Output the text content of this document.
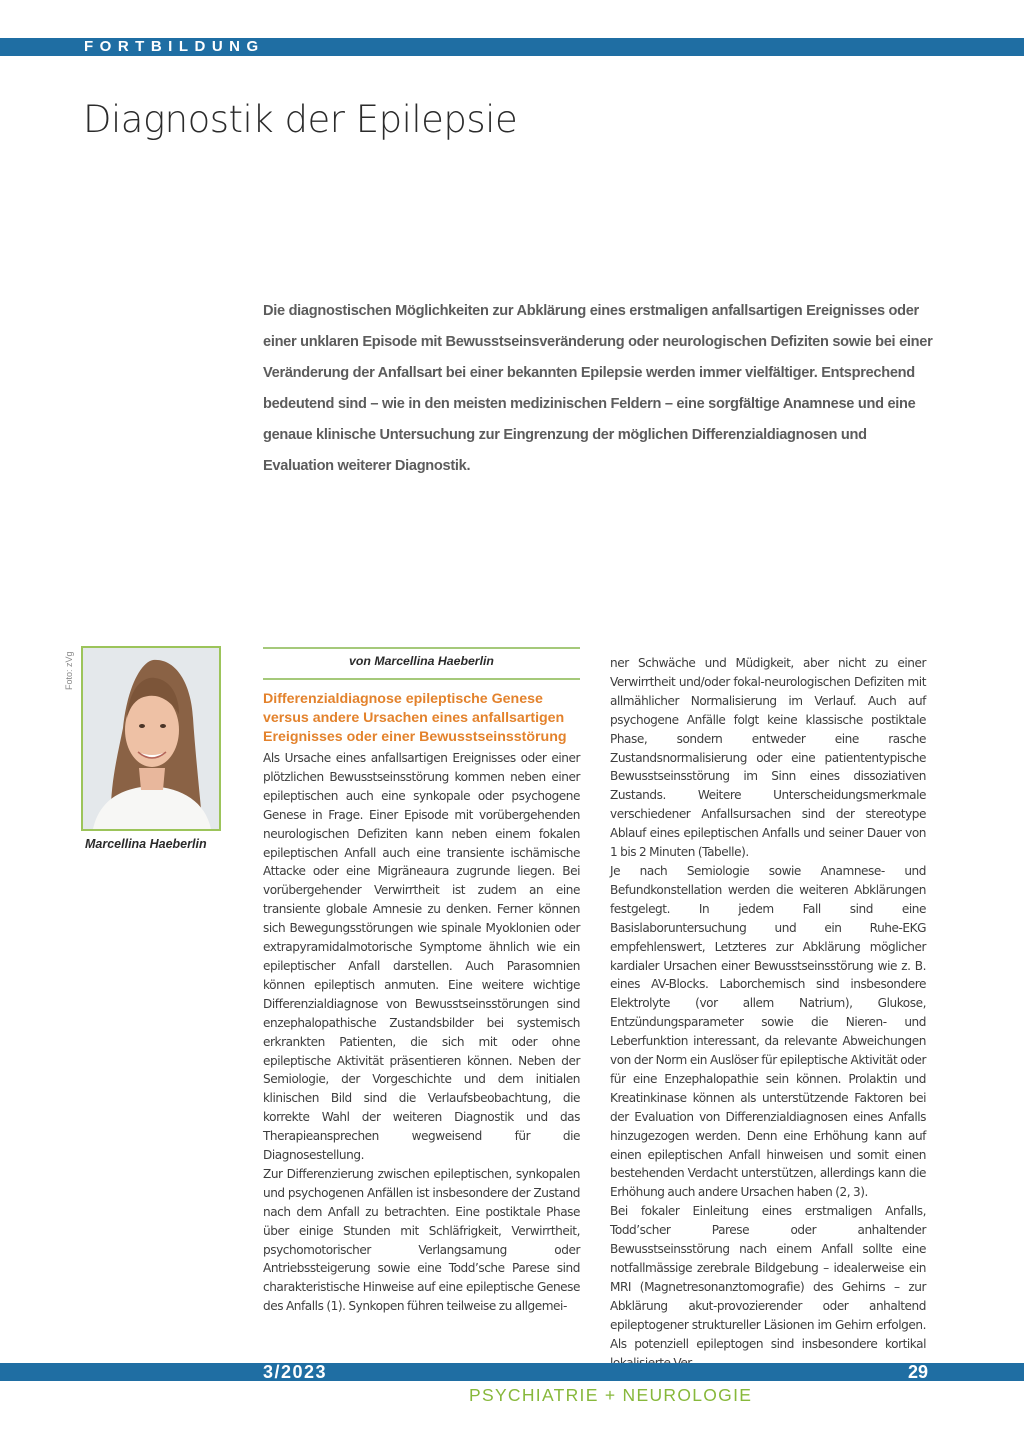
FORTBILDUNG
Diagnostik der Epilepsie

Die diagnostischen Möglichkeiten zur Abklärung eines erstmaligen anfallsartigen Ereignisses oder einer unklaren Episode mit Bewusstseinsveränderung oder neurologischen Defiziten sowie bei einer Veränderung der Anfallsart bei einer bekannten Epilepsie werden immer vielfältiger. Entsprechend bedeutend sind – wie in den meisten medizinischen Feldern – eine sorgfältige Anamnese und eine genaue klinische Untersuchung zur Eingrenzung der möglichen Differenzialdiagnosen und Evaluation weiterer Diagnostik.

Foto: zVg
Marcellina Haeberlin
von Marcellina Haeberlin
Differenzialdiagnose epileptische Genese versus andere Ursachen eines anfallsartigen Ereignisses oder einer Bewusstseinsstörung

Als Ursache eines anfallsartigen Ereignisses oder einer plötzlichen Bewusstseinsstörung kommen neben einer epileptischen auch eine synkopale oder psychogene Genese in Frage. Einer Episode mit vorübergehenden neurologischen Defiziten kann neben einem fokalen epileptischen Anfall auch eine transiente ischämische Attacke oder eine Migräneaura zugrunde liegen. Bei vorübergehender Verwirrtheit ist zudem an eine transiente globale Amnesie zu denken. Ferner können sich Bewegungsstörungen wie spinale Myoklonien oder extrapyramidalmotorische Symptome ähnlich wie ein epileptischer Anfall darstellen. Auch Parasomnien können epileptisch anmuten. Eine weitere wichtige Differenzialdiagnose von Bewusstseinsstörungen sind enzephalopathische Zustandsbilder bei systemisch erkrankten Patienten, die sich mit oder ohne epileptische Aktivität präsentieren können. Neben der Semiologie, der Vorgeschichte und dem initialen klinischen Bild sind die Verlaufsbeobachtung, die korrekte Wahl der weiteren Diagnostik und das Therapieansprechen wegweisend für die Diagnosestellung.

Zur Differenzierung zwischen epileptischen, synkopalen und psychogenen Anfällen ist insbesondere der Zustand nach dem Anfall zu betrachten. Eine postiktale Phase über einige Stunden mit Schläfrigkeit, Verwirrtheit, psychomotorischer Verlangsamung oder Antriebssteigerung sowie eine Todd’sche Parese sind charakteristische Hinweise auf eine epileptische Genese des Anfalls (1). Synkopen führen teilweise zu allgemei-

ner Schwäche und Müdigkeit, aber nicht zu einer Verwirrtheit und/oder fokal-neurologischen Defiziten mit allmählicher Normalisierung im Verlauf. Auch auf psychogene Anfälle folgt keine klassische postiktale Phase, sondern entweder eine rasche Zustandsnormalisierung oder eine patiententypische Bewusstseinsstörung im Sinn eines dissoziativen Zustands. Weitere Unterscheidungsmerkmale verschiedener Anfallsursachen sind der stereotype Ablauf eines epileptischen Anfalls und seiner Dauer von 1 bis 2 Minuten (Tabelle).

Je nach Semiologie sowie Anamnese- und Befundkonstellation werden die weiteren Abklärungen festgelegt. In jedem Fall sind eine Basislaboruntersuchung und ein Ruhe-EKG empfehlenswert, Letzteres zur Abklärung möglicher kardialer Ursachen einer Bewusstseinsstörung wie z. B. eines AV-Blocks. Laborchemisch sind insbesondere Elektrolyte (vor allem Natrium), Glukose, Entzündungsparameter sowie die Nieren- und Leberfunktion interessant, da relevante Abweichungen von der Norm ein Auslöser für epileptische Aktivität oder für eine Enzephalopathie sein können. Prolaktin und Kreatinkinase können als unterstützende Faktoren bei der Evaluation von Differenzialdiagnosen eines Anfalls hinzugezogen werden. Denn eine Erhöhung kann auf einen epileptischen Anfall hinweisen und somit einen bestehenden Verdacht unterstützen, allerdings kann die Erhöhung auch andere Ursachen haben (2, 3).

Bei fokaler Einleitung eines erstmaligen Anfalls, Todd’scher Parese oder anhaltender Bewusstseinsstörung nach einem Anfall sollte eine notfallmässige zerebrale Bildgebung – idealerweise ein MRI (Magnetresonanztomografie) des Gehirns – zur Abklärung akut-provozierender oder anhaltend epileptogener struktureller Läsionen im Gehirn erfolgen. Als potenziell epileptogen sind insbesondere kortikal

3/2023	29
PSYCHIATRIE + NEUROLOGIE
